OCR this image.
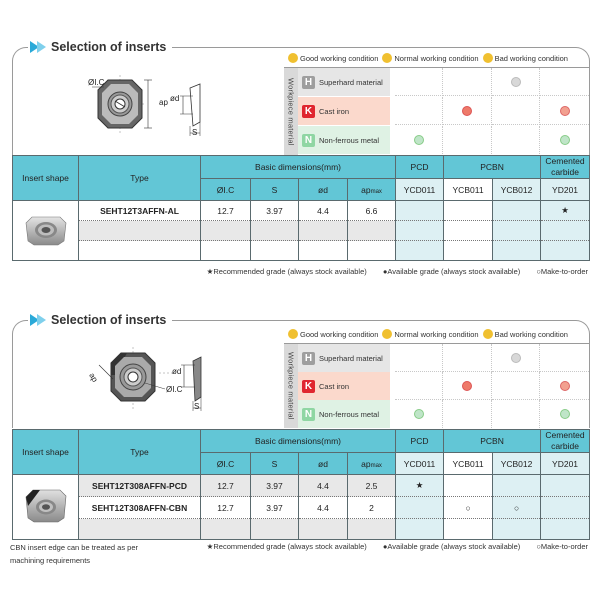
Selection of inserts
ØI.C
ap ød
S
Good working condition Normal working condition Bad working condition
Workpiece material H Superhard material
K Cast iron
N Non-ferrous metal
Insert shape	Type	Basic dimensions(mm)				PCD	PCBN		Cemented carbide
		ØI.C	S	ød	apmax	YCD011	YCB011	YCB012	YD201
	SEHT12T3AFFN-AL	12.7	3.97	4.4	6.6				★

★Recommended grade (always stock available) ●Available grade (always stock available) ○Make-to-order
Selection of inserts
ap	ød
ØI.C
S
Good working condition Normal working condition Bad working condition
Workpiece material H Superhard material
K Cast iron
N Non-ferrous metal
Insert shape	Type	Basic dimensions(mm)				PCD	PCBN		Cemented carbide
		ØI.C	S	ød	apmax	YCD011	YCB011	YCB012	YD201
	SEHT12T308AFFN-PCD	12.7	3.97	4.4	2.5	★			
	SEHT12T308AFFN-CBN	12.7	3.97	4.4	2		○	○	

CBN insert edge can be treated as per machining requirements
★Recommended grade (always stock available) ●Available grade (always stock available) ○Make-to-order
